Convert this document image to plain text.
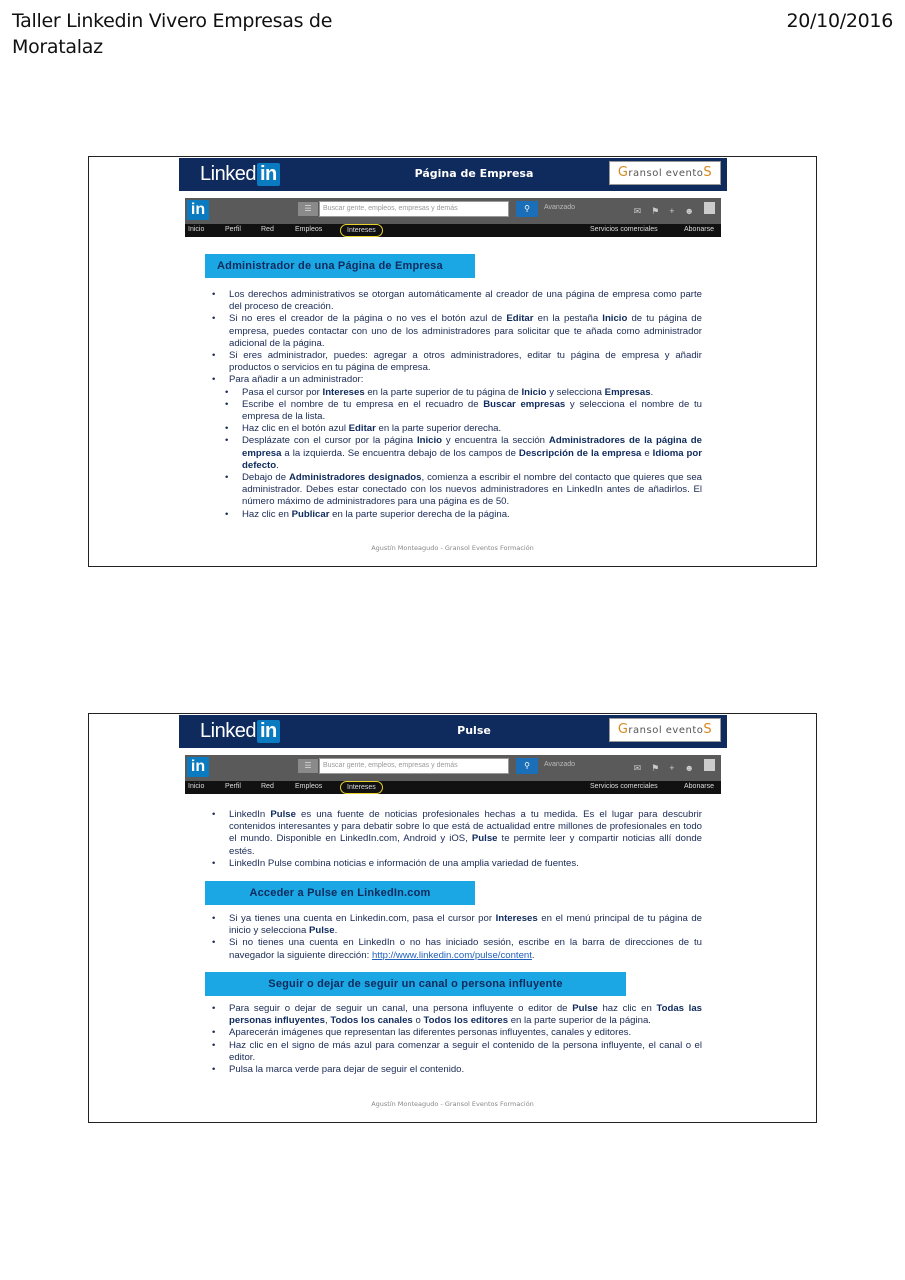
Taller Linkedin Vivero Empresas de Moratalaz
20/10/2016
Linked in	Página de Empresa	Gransol eventoS
in	☰	Buscar gente, empleos, empresas y demás	⚲	Avanzado	✉⚑+☻
Inicio	Perfil	Red	Empleos	Intereses	Servicios comerciales	Abonarse
Administrador de una Página de Empresa
• Los derechos administrativos se otorgan automáticamente al creador de una página de empresa como parte del proceso de creación.
• Si no eres el creador de la página o no ves el botón azul de Editar en la pestaña Inicio de tu página de empresa, puedes contactar con uno de los administradores para solicitar que te añada como administrador adicional de la página.
• Si eres administrador, puedes: agregar a otros administradores, editar tu página de empresa y añadir productos o servicios en tu página de empresa.
• Para añadir a un administrador:
• Pasa el cursor por Intereses en la parte superior de tu página de Inicio y selecciona Empresas.
• Escribe el nombre de tu empresa en el recuadro de Buscar empresas y selecciona el nombre de tu empresa de la lista.
• Haz clic en el botón azul Editar en la parte superior derecha.
• Desplázate con el cursor por la página Inicio y encuentra la sección Administradores de la página de empresa a la izquierda. Se encuentra debajo de los campos de Descripción de la empresa e Idioma por defecto.
• Debajo de Administradores designados, comienza a escribir el nombre del contacto que quieres que sea administrador. Debes estar conectado con los nuevos administradores en LinkedIn antes de añadirlos. El número máximo de administradores para una página es de 50.
• Haz clic en Publicar en la parte superior derecha de la página.
Agustín Monteagudo - Gransol Eventos Formación
Linked in	Pulse	Gransol eventoS
in	☰	Buscar gente, empleos, empresas y demás	⚲	Avanzado	✉⚑+☻
Inicio	Perfil	Red	Empleos	Intereses	Servicios comerciales	Abonarse
• LinkedIn Pulse es una fuente de noticias profesionales hechas a tu medida. Es el lugar para descubrir contenidos interesantes y para debatir sobre lo que está de actualidad entre millones de profesionales en todo el mundo. Disponible en LinkedIn.com, Android y iOS, Pulse te permite leer y compartir noticias allí donde estés.
• LinkedIn Pulse combina noticias e información de una amplia variedad de fuentes.
Acceder a Pulse en LinkedIn.com
• Si ya tienes una cuenta en Linkedin.com, pasa el cursor por Intereses en el menú principal de tu página de inicio y selecciona Pulse.
• Si no tienes una cuenta en LinkedIn o no has iniciado sesión, escribe en la barra de direcciones de tu navegador la siguiente dirección: http://www.linkedin.com/pulse/content.
Seguir o dejar de seguir un canal o persona influyente
• Para seguir o dejar de seguir un canal, una persona influyente o editor de Pulse haz clic en Todas las personas influyentes, Todos los canales o Todos los editores en la parte superior de la página.
• Aparecerán imágenes que representan las diferentes personas influyentes, canales y editores.
• Haz clic en el signo de más azul para comenzar a seguir el contenido de la persona influyente, el canal o el editor.
• Pulsa la marca verde para dejar de seguir el contenido.
Agustín Monteagudo - Gransol Eventos Formación
